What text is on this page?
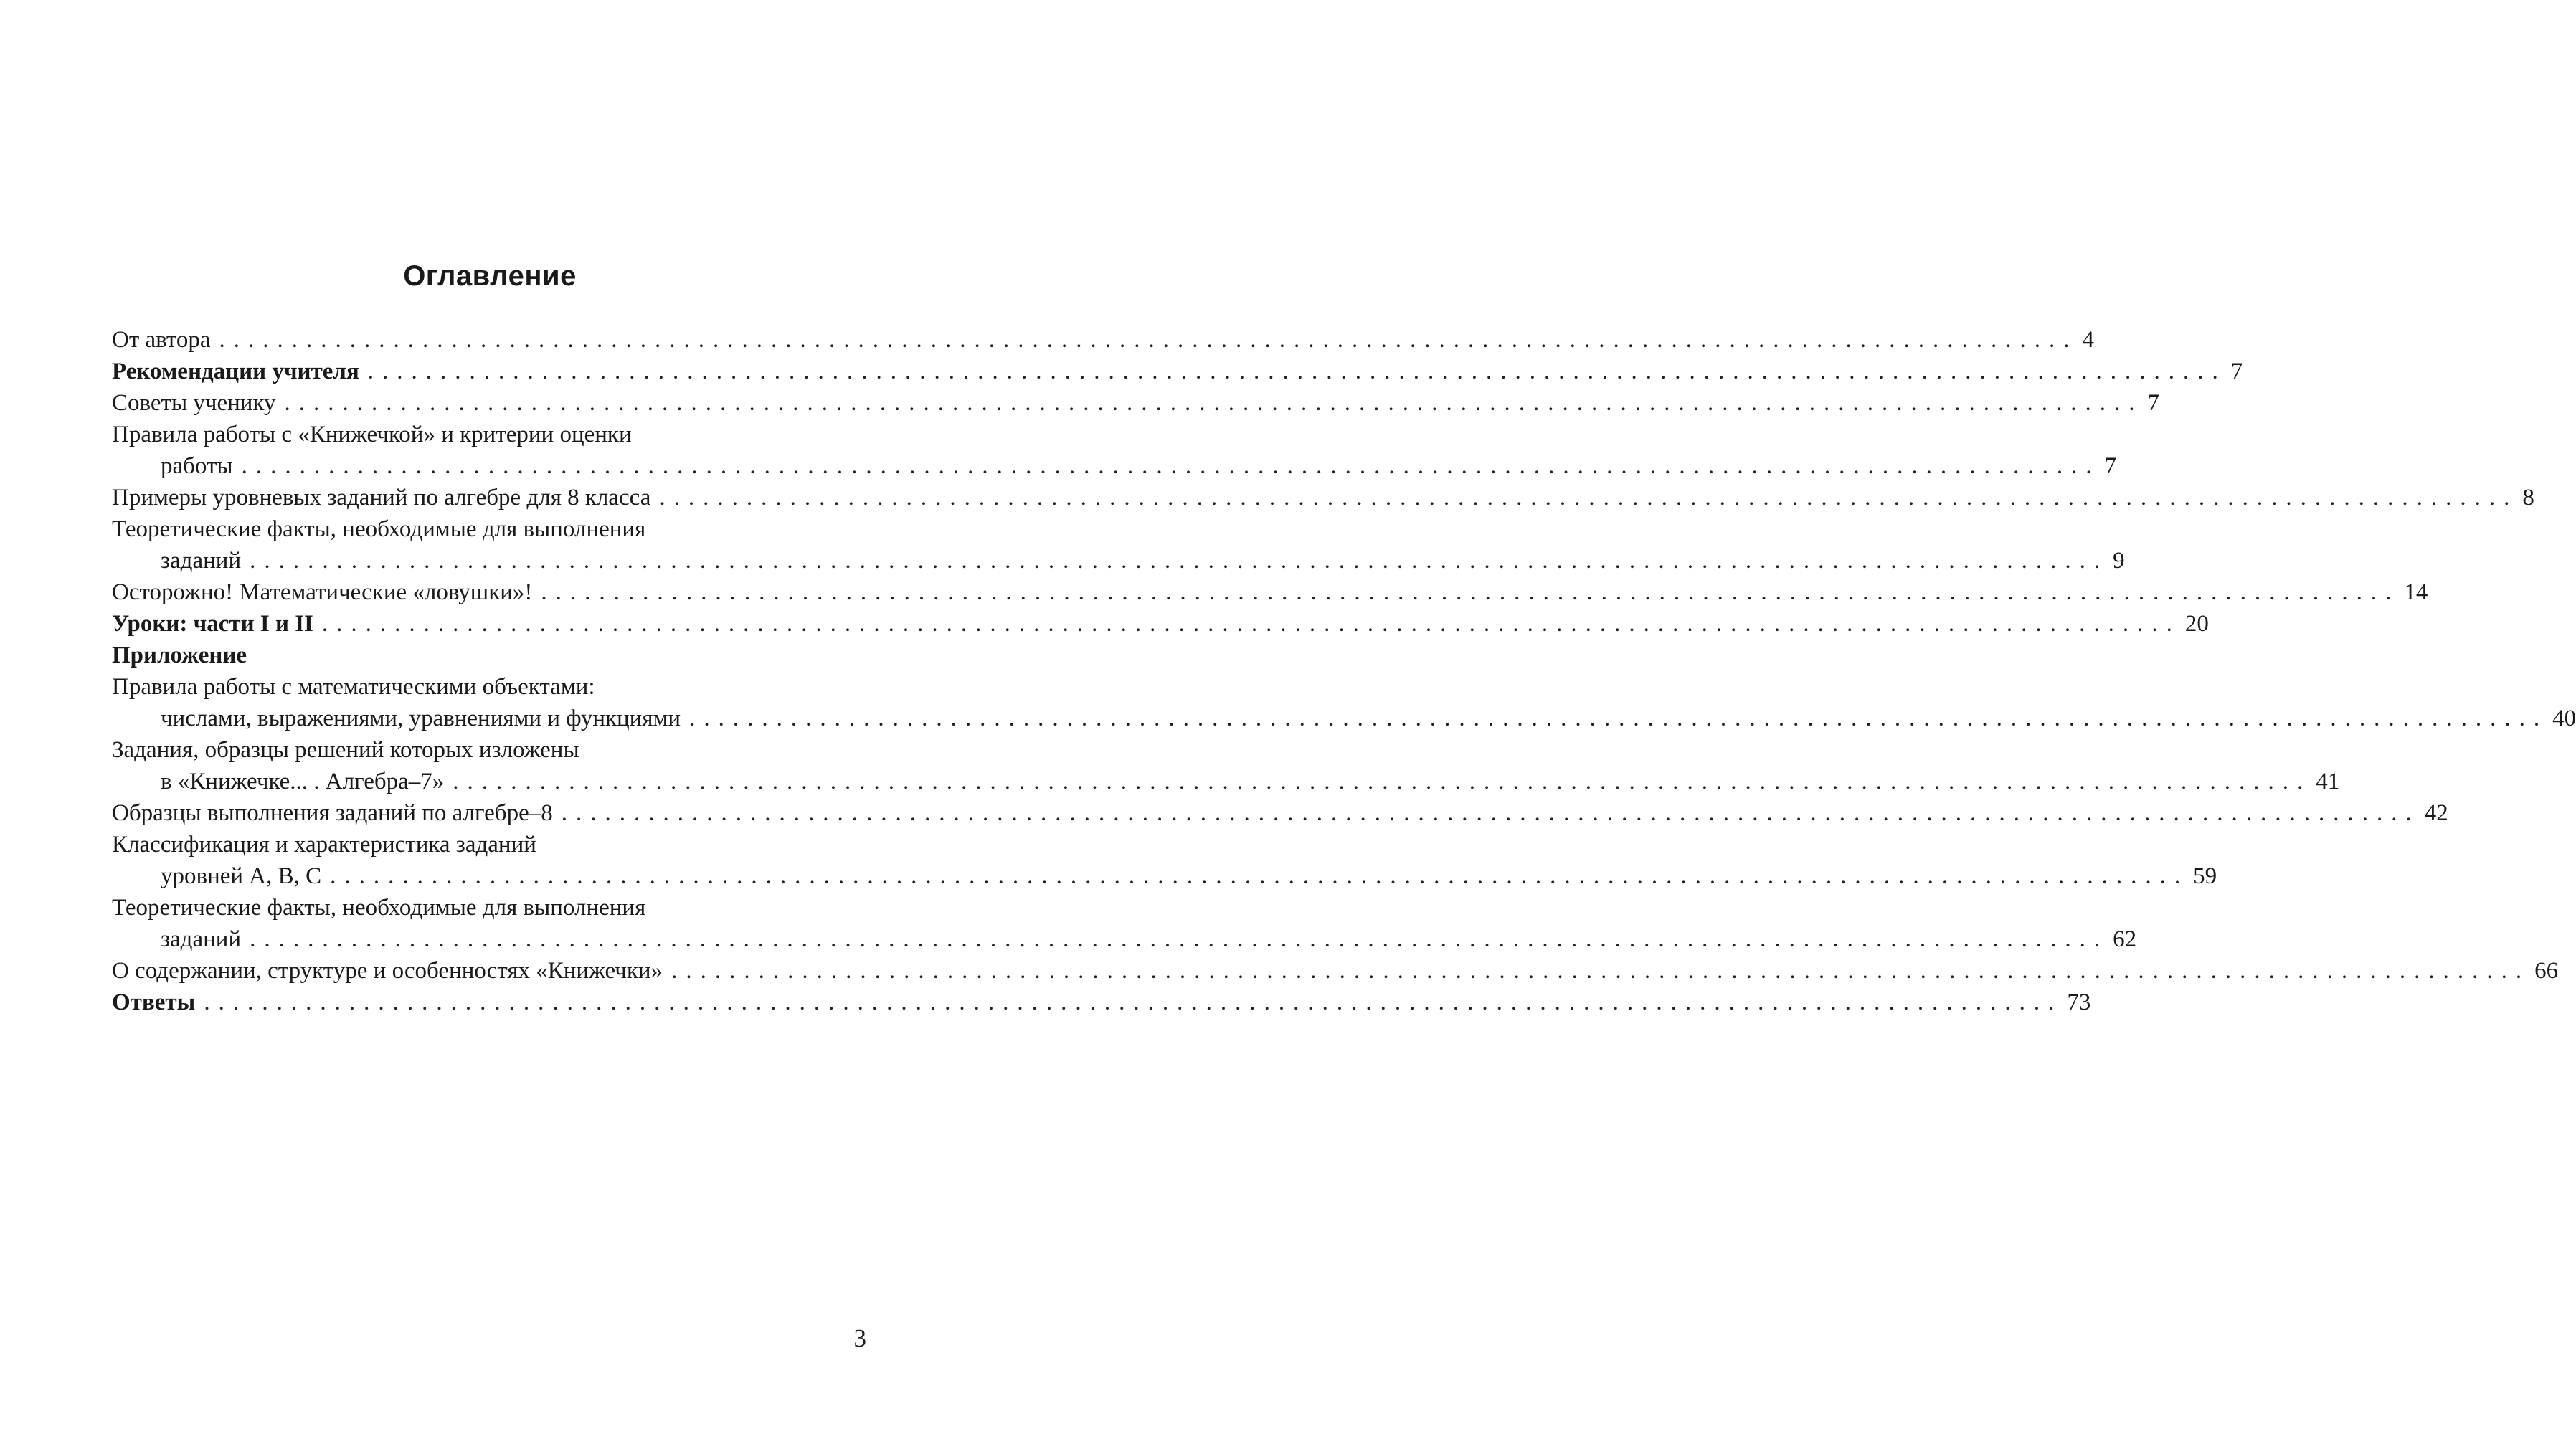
Оглавление
От автора ................................................................................................................................ 4
Рекомендации учителя ................................................................................................................................ 7
Советы ученику ................................................................................................................................ 7
Правила работы с «Книжечкой» и критерии оценки
работы ................................................................................................................................ 7
Примеры уровневых заданий по алгебре для 8 класса ................................................................................................................................ 8
Теоретические факты, необходимые для выполнения
заданий ................................................................................................................................ 9
Осторожно! Математические «ловушки»! ................................................................................................................................ 14
Уроки: части I и II ................................................................................................................................ 20
Приложение
Правила работы с математическими объектами:
числами, выражениями, уравнениями и функциями ................................................................................................................................ 40
Задания, образцы решений которых изложены
в «Книжечке... . Алгебра–7» ................................................................................................................................ 41
Образцы выполнения заданий по алгебре–8 ................................................................................................................................ 42
Классификация и характеристика заданий
уровней А, В, С ................................................................................................................................ 59
Теоретические факты, необходимые для выполнения
заданий ................................................................................................................................ 62
О содержании, структуре и особенностях «Книжечки» ................................................................................................................................ 66
Ответы ................................................................................................................................ 73
3
